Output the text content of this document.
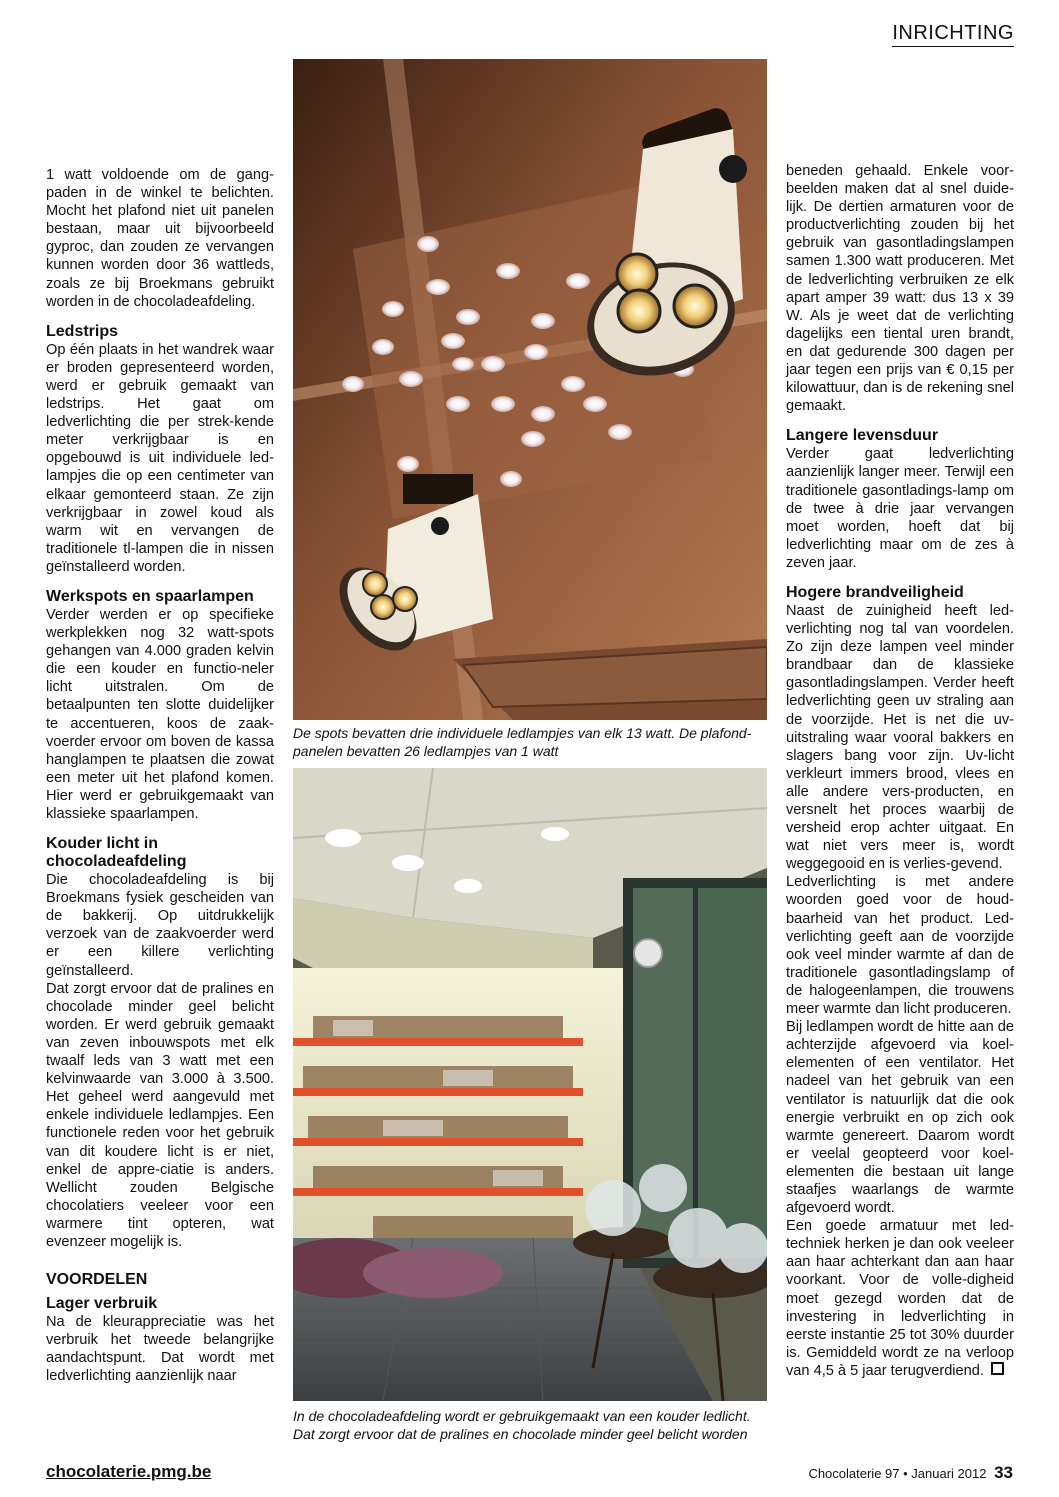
INRICHTING

1 watt voldoende om de gang-paden in de winkel te belichten. Mocht het plafond niet uit panelen bestaan, maar uit bijvoorbeeld gyproc, dan zouden ze vervangen kunnen worden door 36 wattleds, zoals ze bij Broekmans gebruikt worden in de chocoladeafdeling.

Ledstrips

Op één plaats in het wandrek waar er broden gepresenteerd worden, werd er gebruik gemaakt van ledstrips. Het gaat om ledverlichting die per strek-kende meter verkrijgbaar is en opgebouwd is uit individuele led-lampjes die op een centimeter van elkaar gemonteerd staan. Ze zijn verkrijgbaar in zowel koud als warm wit en vervangen de traditionele tl-lampen die in nissen geïnstalleerd worden.

Werkspots en spaarlampen

Verder werden er op specifieke werkplekken nog 32 watt-spots gehangen van 4.000 graden kelvin die een kouder en functio-neler licht uitstralen. Om de betaalpunten ten slotte duidelijker te accentueren, koos de zaak-voerder ervoor om boven de kassa hanglampen te plaatsen die zowat een meter uit het plafond komen. Hier werd er gebruikgemaakt van klassieke spaarlampen.

Kouder licht in chocoladeafdeling

Die chocoladeafdeling is bij Broekmans fysiek gescheiden van de bakkerij. Op uitdrukkelijk verzoek van de zaakvoerder werd er een killere verlichting geïnstalleerd.

Dat zorgt ervoor dat de pralines en chocolade minder geel belicht worden. Er werd gebruik gemaakt van zeven inbouwspots met elk twaalf leds van 3 watt met een kelvinwaarde van 3.000 à 3.500. Het geheel werd aangevuld met enkele individuele ledlampjes. Een functionele reden voor het gebruik van dit koudere licht is er niet, enkel de appre-ciatie is anders. Wellicht zouden Belgische chocolatiers veeleer voor een warmere tint opteren, wat evenzeer mogelijk is.

VOORDELEN
Lager verbruik

Na de kleurappreciatie was het verbruik het tweede belangrijke aandachtspunt. Dat wordt met ledverlichting aanzienlijk naar

De spots bevatten drie individuele ledlampjes van elk 13 watt. De plafond-panelen bevatten 26 ledlampjes van 1 watt
In de chocoladeafdeling wordt er gebruikgemaakt van een kouder ledlicht. Dat zorgt ervoor dat de pralines en chocolade minder geel belicht worden

beneden gehaald. Enkele voor-beelden maken dat al snel duide-lijk. De dertien armaturen voor de productverlichting zouden bij het gebruik van gasontladingslampen samen 1.300 watt produceren. Met de ledverlichting verbruiken ze elk apart amper 39 watt: dus 13 x 39 W. Als je weet dat de verlichting dagelijks een tiental uren brandt, en dat gedurende 300 dagen per jaar tegen een prijs van € 0,15 per kilowattuur, dan is de rekening snel gemaakt.

Langere levensduur

Verder gaat ledverlichting aanzienlijk langer meer. Terwijl een traditionele gasontladings-lamp om de twee à drie jaar vervangen moet worden, hoeft dat bij ledverlichting maar om de zes à zeven jaar.

Hogere brandveiligheid

Naast de zuinigheid heeft led-verlichting nog tal van voordelen. Zo zijn deze lampen veel minder brandbaar dan de klassieke gasontladingslampen. Verder heeft ledverlichting geen uv straling aan de voorzijde. Het is net die uv-uitstraling waar vooral bakkers en slagers bang voor zijn. Uv-licht verkleurt immers brood, vlees en alle andere vers-producten, en versnelt het proces waarbij de versheid erop achter uitgaat. En wat niet vers meer is, wordt weggegooid en is verlies-gevend.

Ledverlichting is met andere woorden goed voor de houd-baarheid van het product. Led-verlichting geeft aan de voorzijde ook veel minder warmte af dan de traditionele gasontladingslamp of de halogeenlampen, die trouwens meer warmte dan licht produceren.

Bij ledlampen wordt de hitte aan de achterzijde afgevoerd via koel-elementen of een ventilator. Het nadeel van het gebruik van een ventilator is natuurlijk dat die ook energie verbruikt en op zich ook warmte genereert. Daarom wordt er veelal geopteerd voor koel-elementen die bestaan uit lange staafjes waarlangs de warmte afgevoerd wordt.

Een goede armatuur met led-techniek herken je dan ook veeleer aan haar achterkant dan aan haar voorkant. Voor de volle-digheid moet gezegd worden dat de investering in ledverlichting in eerste instantie 25 tot 30% duurder is. Gemiddeld wordt ze na verloop van 4,5 à 5 jaar terugverdiend.

chocolaterie.pmg.be	Chocolaterie 97 • Januari 2012 33
